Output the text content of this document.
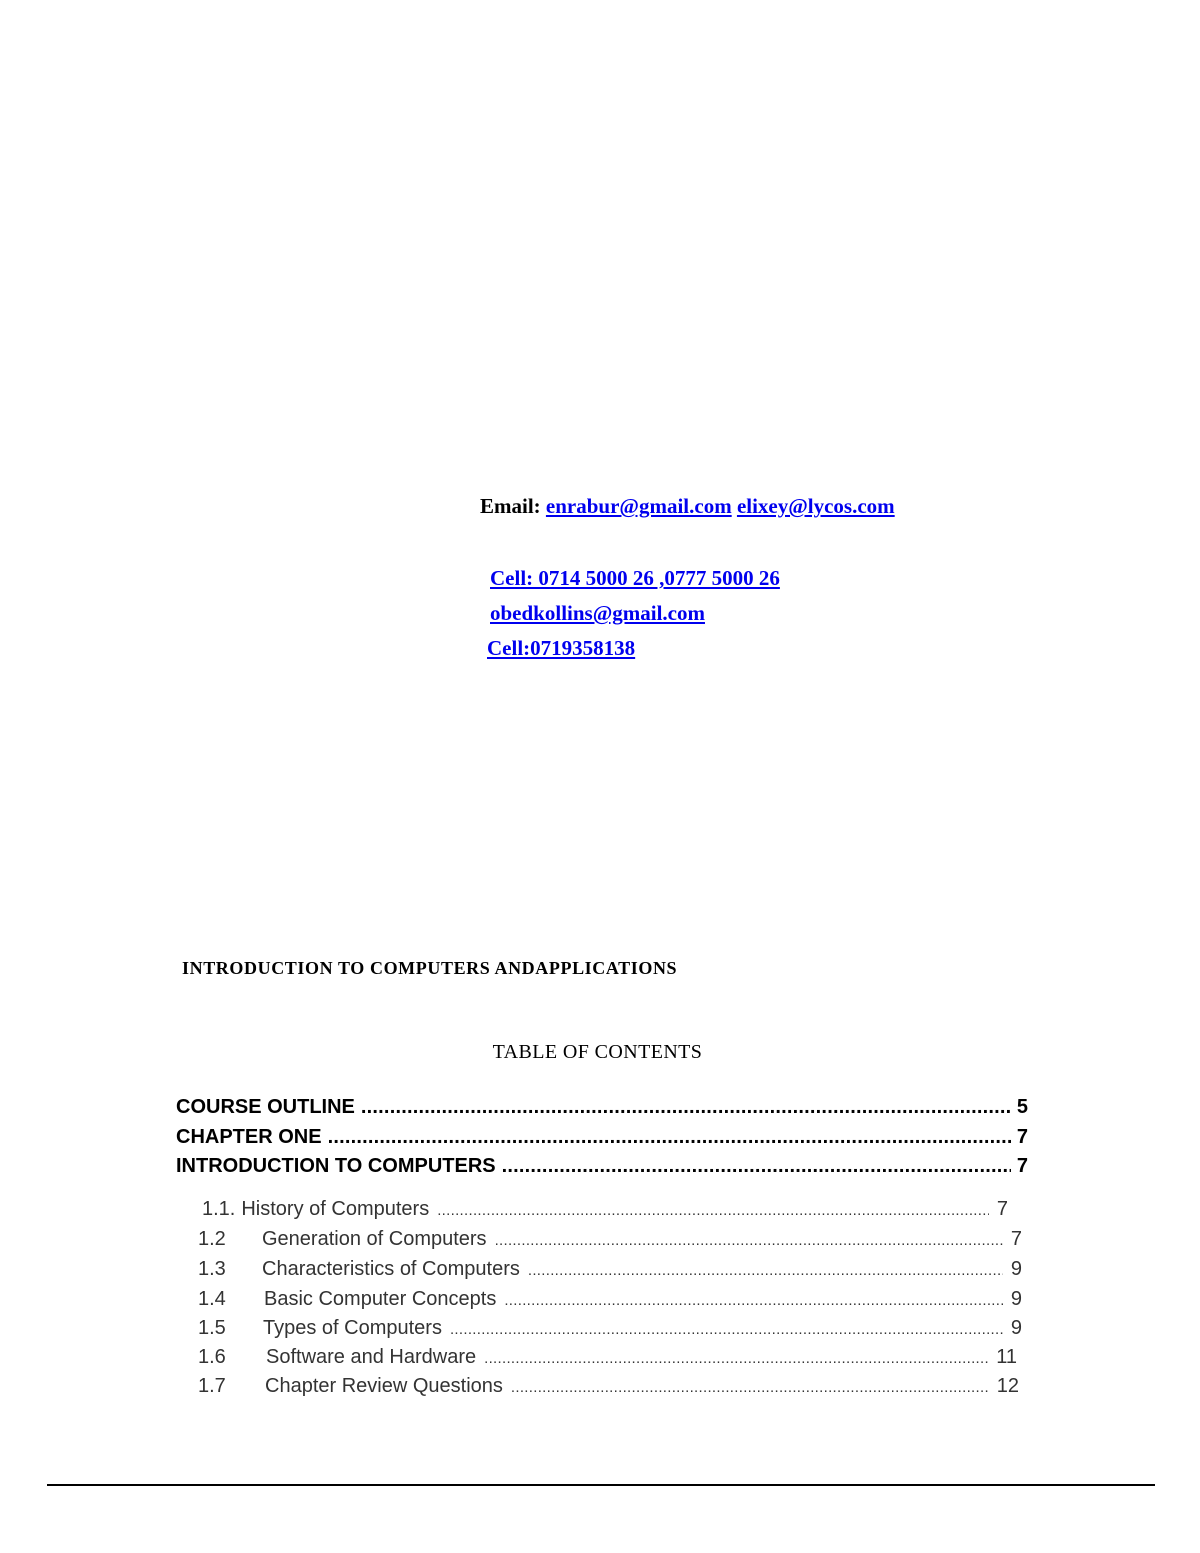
Email: enrabur@gmail.com elixey@lycos.com
Cell: 0714 5000 26 ,0777 5000 26
obedkollins@gmail.com
Cell:0719358138
INTRODUCTION TO COMPUTERS ANDAPPLICATIONS
TABLE OF CONTENTS
COURSE OUTLINE .....	5
CHAPTER ONE .....	7
INTRODUCTION TO COMPUTERS .....	7
1.1. History of Computers .....	7
1.2	Generation of Computers .....	7
1.3	Characteristics of Computers .....	9
1.4	Basic Computer Concepts .....	9
1.5	Types of Computers .....	9
1.6	Software and Hardware .....	11
1.7	Chapter Review Questions .....	12
